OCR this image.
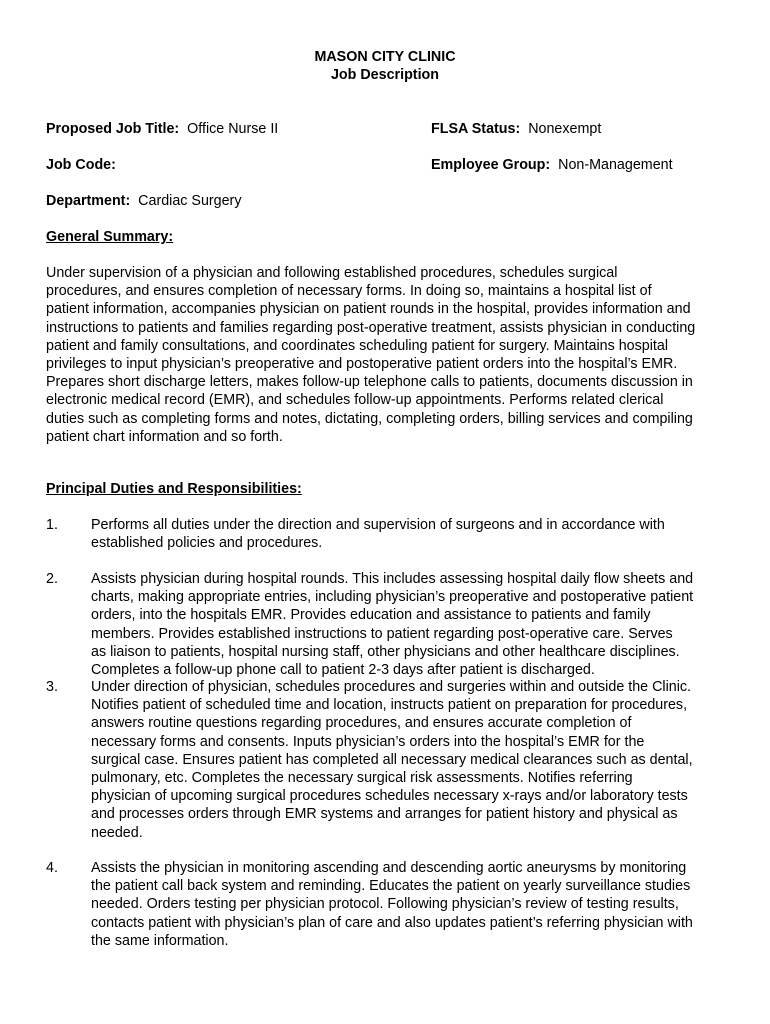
MASON CITY CLINIC
Job Description
Proposed Job Title: Office Nurse II	FLSA Status: Nonexempt
Job Code:	Employee Group: Non-Management
Department: Cardiac Surgery
General Summary:
Under supervision of a physician and following established procedures, schedules surgical
procedures, and ensures completion of necessary forms. In doing so, maintains a hospital list of
patient information, accompanies physician on patient rounds in the hospital, provides information and
instructions to patients and families regarding post-operative treatment, assists physician in conducting
patient and family consultations, and coordinates scheduling patient for surgery. Maintains hospital
privileges to input physician’s preoperative and postoperative patient orders into the hospital’s EMR.
Prepares short discharge letters, makes follow-up telephone calls to patients, documents discussion in
electronic medical record (EMR), and schedules follow-up appointments. Performs related clerical
duties such as completing forms and notes, dictating, completing orders, billing services and compiling
patient chart information and so forth.
Principal Duties and Responsibilities:
1. Performs all duties under the direction and supervision of surgeons and in accordance with
established policies and procedures.
2. Assists physician during hospital rounds. This includes assessing hospital daily flow sheets and
charts, making appropriate entries, including physician’s preoperative and postoperative patient
orders, into the hospitals EMR. Provides education and assistance to patients and family
members. Provides established instructions to patient regarding post-operative care. Serves
as liaison to patients, hospital nursing staff, other physicians and other healthcare disciplines.
Completes a follow-up phone call to patient 2-3 days after patient is discharged.
3. Under direction of physician, schedules procedures and surgeries within and outside the Clinic.
Notifies patient of scheduled time and location, instructs patient on preparation for procedures,
answers routine questions regarding procedures, and ensures accurate completion of
necessary forms and consents. Inputs physician’s orders into the hospital’s EMR for the
surgical case. Ensures patient has completed all necessary medical clearances such as dental,
pulmonary, etc. Completes the necessary surgical risk assessments. Notifies referring
physician of upcoming surgical procedures schedules necessary x-rays and/or laboratory tests
and processes orders through EMR systems and arranges for patient history and physical as
needed.
4. Assists the physician in monitoring ascending and descending aortic aneurysms by monitoring
the patient call back system and reminding. Educates the patient on yearly surveillance studies
needed. Orders testing per physician protocol. Following physician’s review of testing results,
contacts patient with physician’s plan of care and also updates patient’s referring physician with
the same information.
